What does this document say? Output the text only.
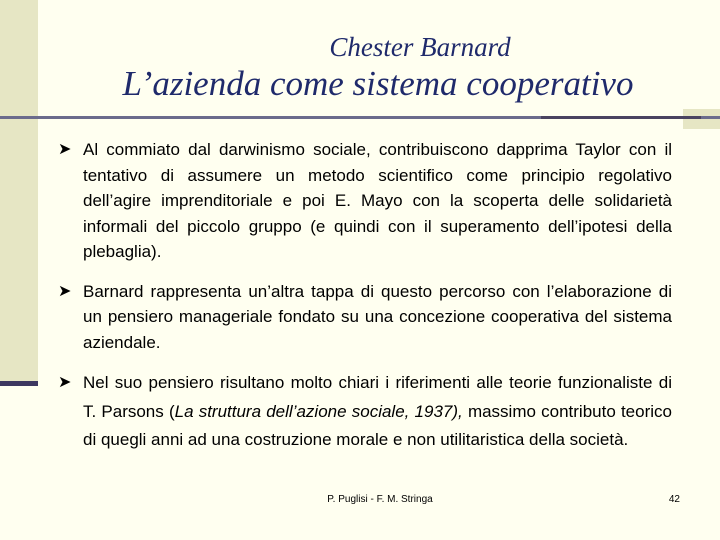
Chester Barnard
L’azienda come sistema cooperativo
➤ Al commiato dal darwinismo sociale, contribuiscono dapprima Taylor con il tentativo di assumere un metodo scientifico come principio regolativo dell’agire imprenditoriale e poi E. Mayo con la scoperta delle solidarietà informali del piccolo gruppo (e quindi con il superamento dell’ipotesi della plebaglia).
➤ Barnard rappresenta un’altra tappa di questo percorso con l’elaborazione di un pensiero manageriale fondato su una concezione cooperativa del sistema aziendale.
➤ Nel suo pensiero risultano molto chiari i riferimenti alle teorie funzionaliste di T. Parsons (La struttura dell’azione sociale, 1937), massimo contributo teorico di quegli anni ad una costruzione morale e non utilitaristica della società.
P. Puglisi - F. M. Stringa	42
